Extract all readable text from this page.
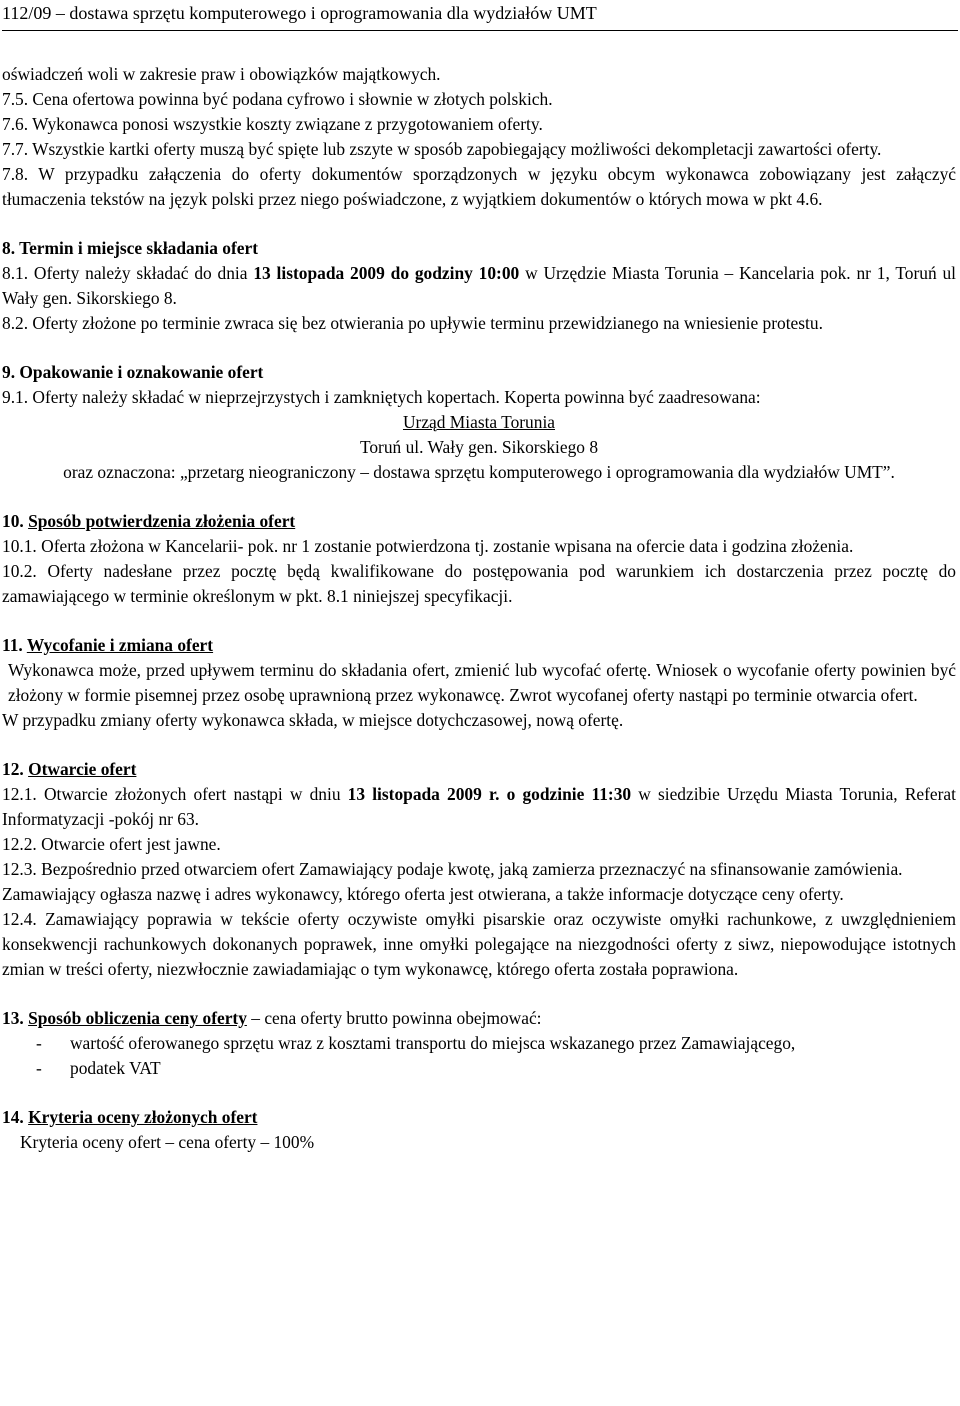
112/09 – dostawa sprzętu komputerowego i oprogramowania dla wydziałów UMT

oświadczeń woli w zakresie praw i obowiązków majątkowych.

7.5. Cena ofertowa powinna być podana cyfrowo i słownie w złotych polskich.

7.6. Wykonawca ponosi wszystkie koszty związane z przygotowaniem oferty.

7.7. Wszystkie kartki oferty muszą być spięte lub zszyte w sposób zapobiegający możliwości dekompletacji zawartości oferty.

7.8. W przypadku załączenia do oferty dokumentów sporządzonych w języku obcym wykonawca zobowiązany jest załączyć tłumaczenia tekstów na język polski przez niego poświadczone, z wyjątkiem dokumentów o których mowa w pkt 4.6.

8. Termin i miejsce składania ofert

8.1. Oferty należy składać do dnia 13 listopada 2009 do godziny 10:00 w Urzędzie Miasta Torunia – Kancelaria pok. nr 1, Toruń ul Wały gen. Sikorskiego 8.

8.2. Oferty złożone po terminie zwraca się bez otwierania po upływie terminu przewidzianego na wniesienie protestu.

9. Opakowanie i oznakowanie ofert

9.1. Oferty należy składać w nieprzejrzystych i zamkniętych kopertach. Koperta powinna być zaadresowana:

Urząd Miasta Torunia

Toruń ul. Wały gen. Sikorskiego 8

oraz oznaczona: „przetarg nieograniczony – dostawa sprzętu komputerowego i oprogramowania dla wydziałów UMT”.

10. Sposób potwierdzenia złożenia ofert

10.1. Oferta złożona w Kancelarii- pok. nr 1 zostanie potwierdzona tj. zostanie wpisana na ofercie data i godzina złożenia.

10.2. Oferty nadesłane przez pocztę będą kwalifikowane do postępowania pod warunkiem ich dostarczenia przez pocztę do zamawiającego w terminie określonym w pkt. 8.1 niniejszej specyfikacji.

11. Wycofanie i zmiana ofert

Wykonawca może, przed upływem terminu do składania ofert, zmienić lub wycofać ofertę. Wniosek o wycofanie oferty powinien być złożony w formie pisemnej przez osobę uprawnioną przez wykonawcę. Zwrot wycofanej oferty nastąpi po terminie otwarcia ofert.

W przypadku zmiany oferty wykonawca składa, w miejsce dotychczasowej, nową ofertę.

12. Otwarcie ofert

12.1. Otwarcie złożonych ofert nastąpi w dniu 13 listopada 2009 r. o godzinie 11:30 w siedzibie Urzędu Miasta Torunia, Referat Informatyzacji -pokój nr 63.

12.2. Otwarcie ofert jest jawne.

12.3. Bezpośrednio przed otwarciem ofert Zamawiający podaje kwotę, jaką zamierza przeznaczyć na sfinansowanie zamówienia.

Zamawiający ogłasza nazwę i adres wykonawcy, którego oferta jest otwierana, a także informacje dotyczące ceny oferty.

12.4. Zamawiający poprawia w tekście oferty oczywiste omyłki pisarskie oraz oczywiste omyłki rachunkowe, z uwzględnieniem konsekwencji rachunkowych dokonanych poprawek, inne omyłki polegające na niezgodności oferty z siwz, niepowodujące istotnych zmian w treści oferty, niezwłocznie zawiadamiając o tym wykonawcę, którego oferta została poprawiona.

13. Sposób obliczenia ceny oferty – cena oferty brutto powinna obejmować:

-	wartość oferowanego sprzętu wraz z kosztami transportu do miejsca wskazanego przez Zamawiającego,
-	podatek VAT

14. Kryteria oceny złożonych ofert

Kryteria oceny ofert – cena oferty – 100%
